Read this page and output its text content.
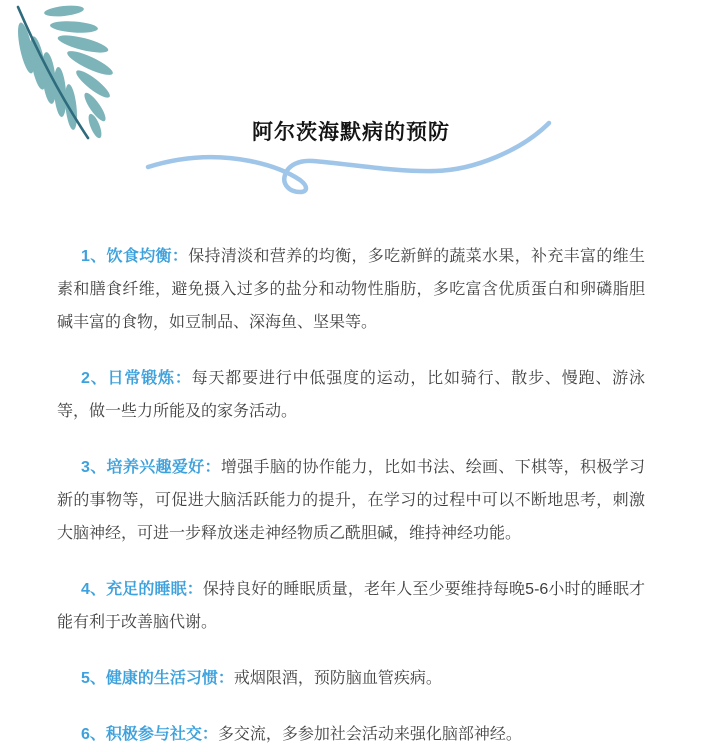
阿尔茨海默病的预防

1、饮食均衡：保持清淡和营养的均衡，多吃新鲜的蔬菜水果，补充丰富的维生素和膳食纤维，避免摄入过多的盐分和动物性脂肪，多吃富含优质蛋白和卵磷脂胆碱丰富的食物，如豆制品、深海鱼、坚果等。

2、日常锻炼：每天都要进行中低强度的运动，比如骑行、散步、慢跑、游泳等，做一些力所能及的家务活动。

3、培养兴趣爱好：增强手脑的协作能力，比如书法、绘画、下棋等，积极学习新的事物等，可促进大脑活跃能力的提升，在学习的过程中可以不断地思考，刺激大脑神经，可进一步释放迷走神经物质乙酰胆碱，维持神经功能。

4、充足的睡眠：保持良好的睡眠质量，老年人至少要维持每晚5-6小时的睡眠才能有利于改善脑代谢。

5、健康的生活习惯：戒烟限酒，预防脑血管疾病。

6、积极参与社交：多交流，多参加社会活动来强化脑部神经。
